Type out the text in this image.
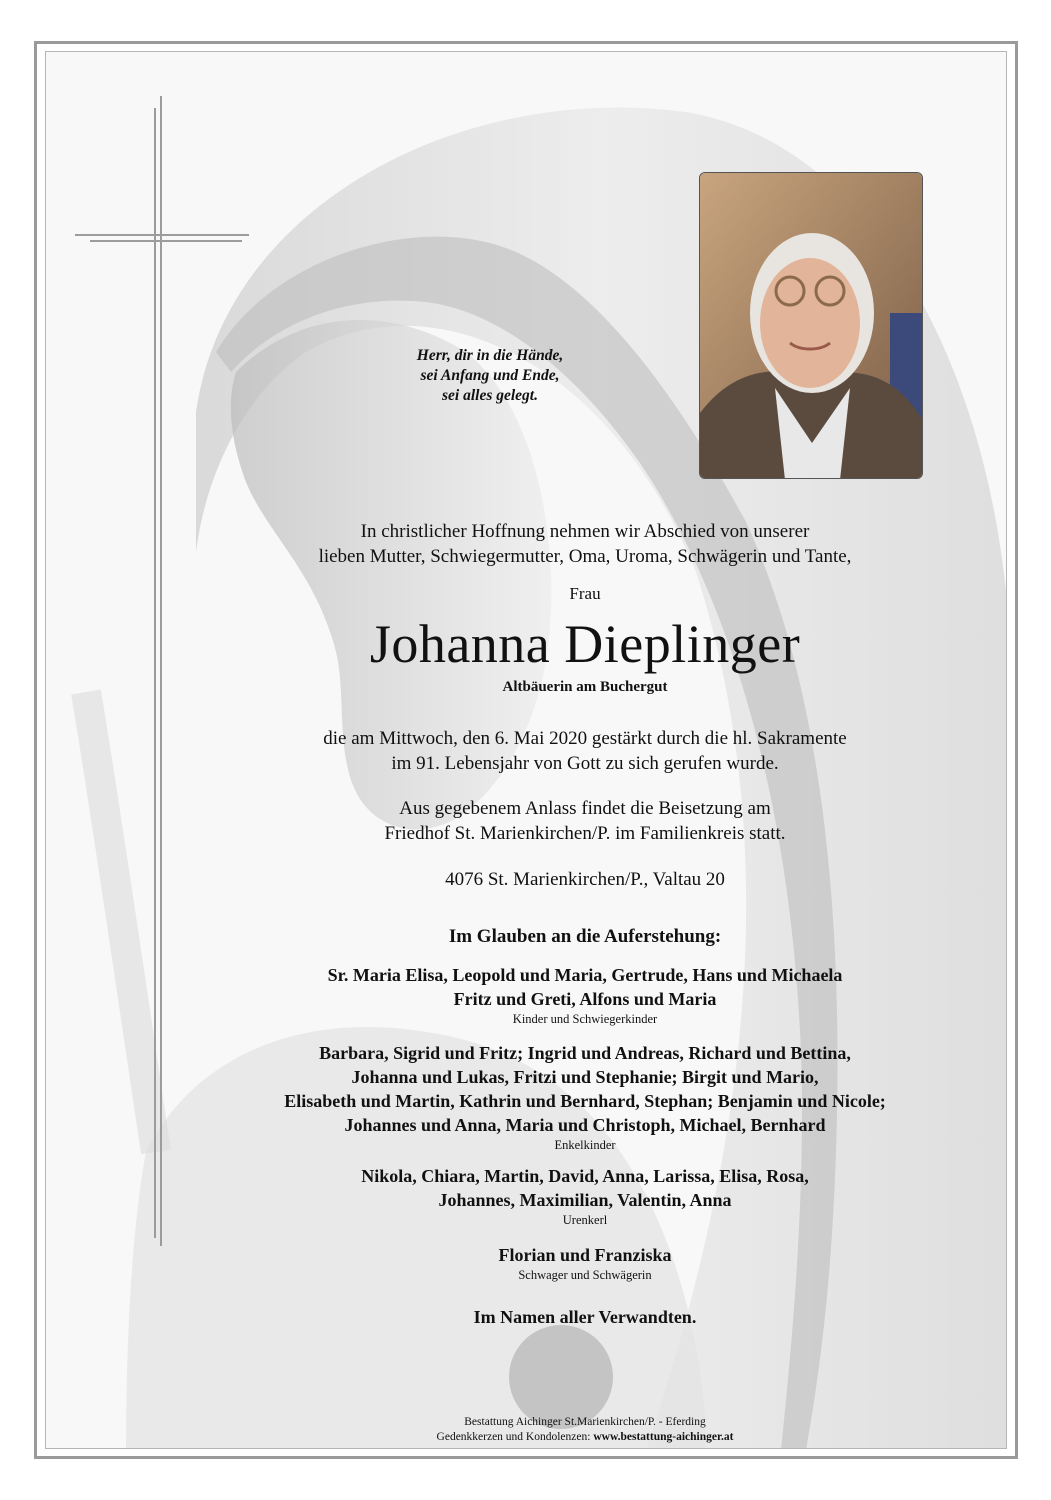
Herr, dir in die Hände,
sei Anfang und Ende,
sei alles gelegt.
In christlicher Hoffnung nehmen wir Abschied von unserer
lieben Mutter, Schwiegermutter, Oma, Uroma, Schwägerin und Tante,
Frau
Johanna Dieplinger
Altbäuerin am Buchergut
die am Mittwoch, den 6. Mai 2020 gestärkt durch die hl. Sakramente
im 91. Lebensjahr von Gott zu sich gerufen wurde.
Aus gegebenem Anlass findet die Beisetzung am
Friedhof St. Marienkirchen/P. im Familienkreis statt.
4076 St. Marienkirchen/P., Valtau 20
Im Glauben an die Auferstehung:
Sr. Maria Elisa, Leopold und Maria, Gertrude, Hans und Michaela
Fritz und Greti, Alfons und Maria
Kinder und Schwiegerkinder
Barbara, Sigrid und Fritz; Ingrid und Andreas, Richard und Bettina,
Johanna und Lukas, Fritzi und Stephanie; Birgit und Mario,
Elisabeth und Martin, Kathrin und Bernhard, Stephan; Benjamin und Nicole;
Johannes und Anna, Maria und Christoph, Michael, Bernhard
Enkelkinder
Nikola, Chiara, Martin, David, Anna, Larissa, Elisa, Rosa,
Johannes, Maximilian, Valentin, Anna
Urenkerl
Florian und Franziska
Schwager und Schwägerin
Im Namen aller Verwandten.
Bestattung Aichinger St.Marienkirchen/P. - Eferding
Gedenkkerzen und Kondolenzen: www.bestattung-aichinger.at
